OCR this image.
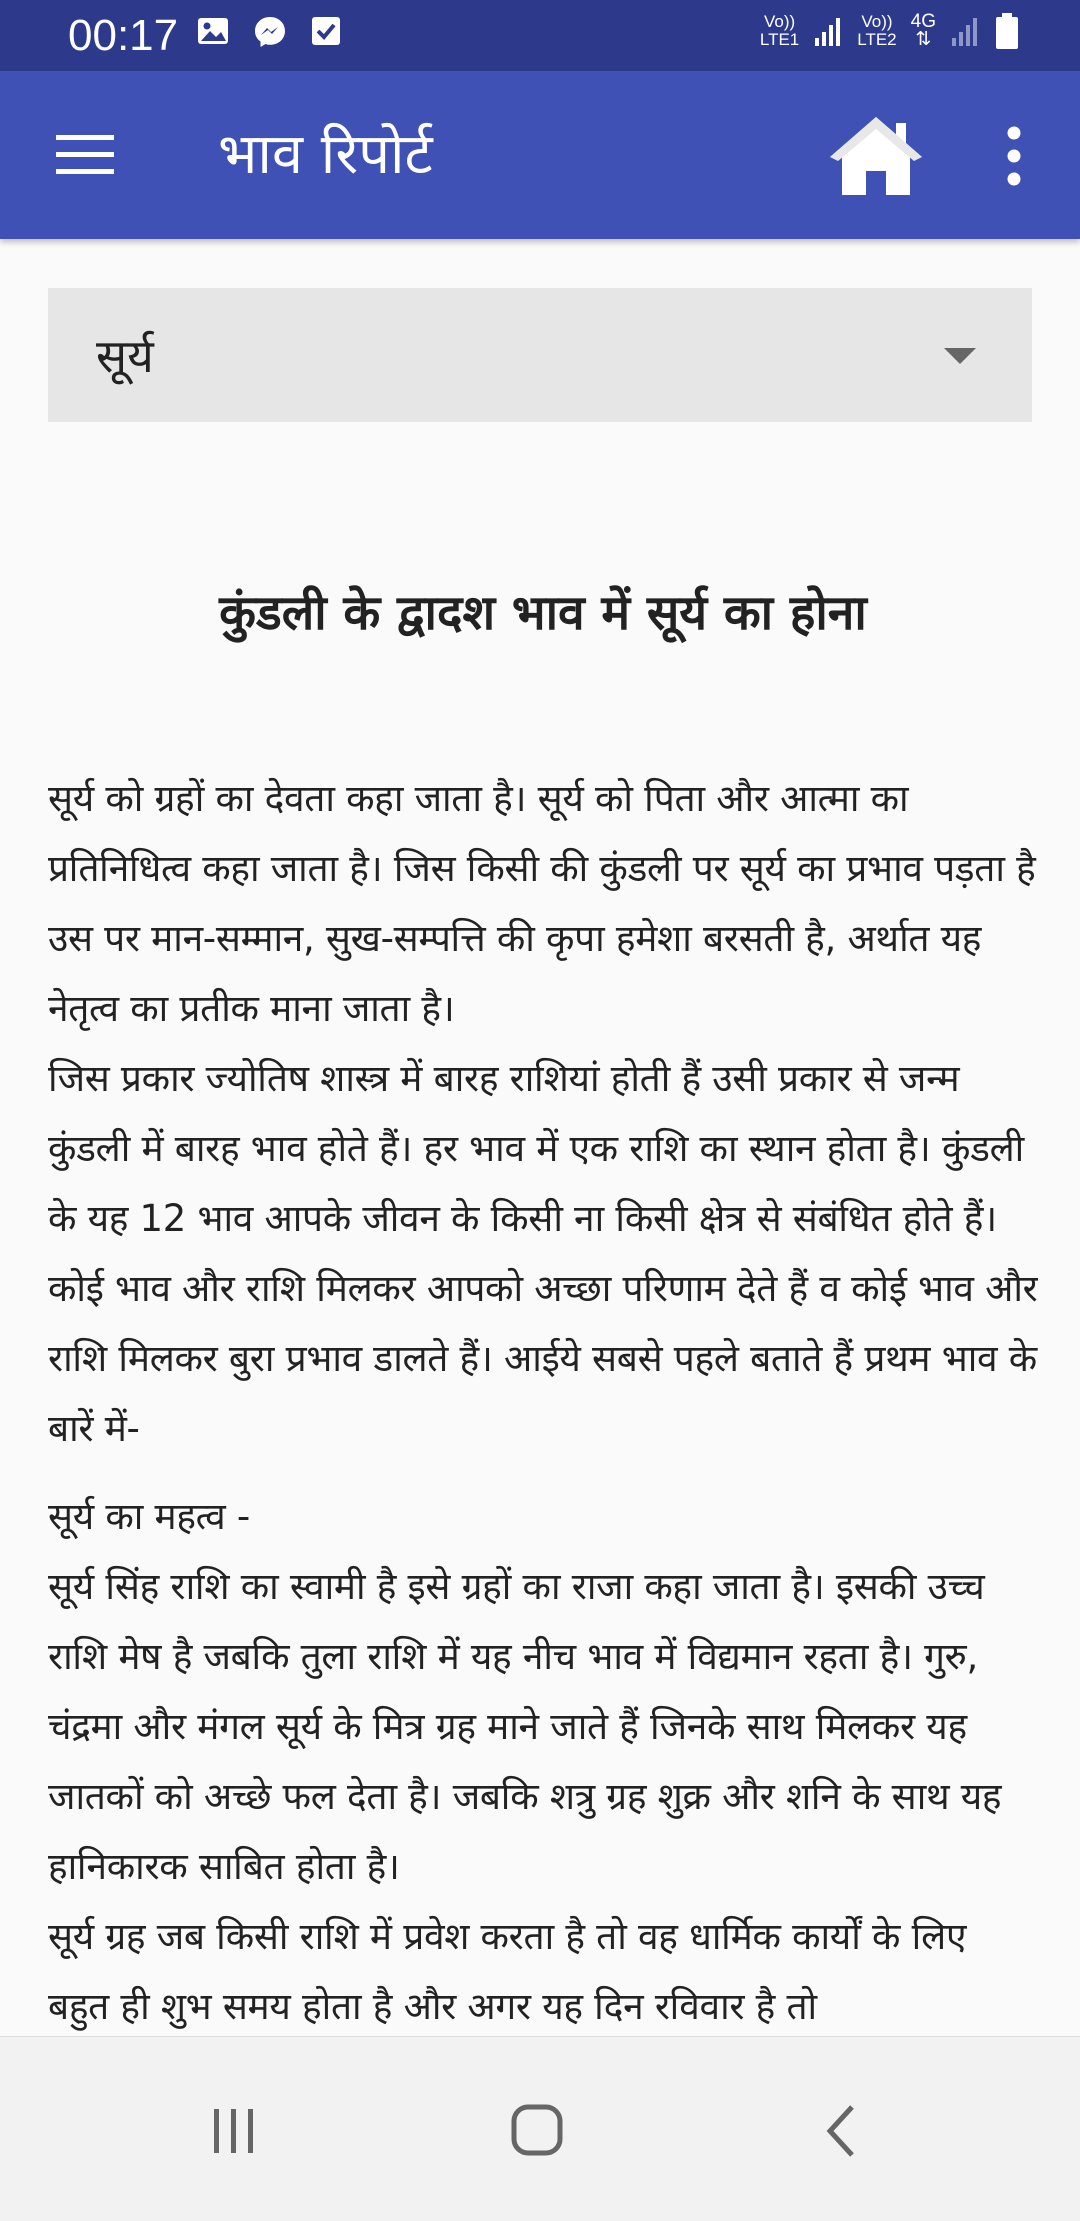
00:17	Vo))
LTE1
Vo))
LTE2
4G
⇅
भाव रिपोर्ट
सूर्य
कुंडली के द्वादश भाव में सूर्य का होना

सूर्य को ग्रहों का देवता कहा जाता है। सूर्य को पिता और आत्मा का प्रतिनिधित्व कहा जाता है। जिस किसी की कुंडली पर सूर्य का प्रभाव पड़ता है उस पर मान-सम्मान, सुख-सम्पत्ति की कृपा हमेशा बरसती है, अर्थात यह नेतृत्व का प्रतीक माना जाता है।

जिस प्रकार ज्योतिष शास्त्र में बारह राशियां होती हैं उसी प्रकार से जन्म कुंडली में बारह भाव होते हैं। हर भाव में एक राशि का स्थान होता है। कुंडली के यह 12 भाव आपके जीवन के किसी ना किसी क्षेत्र से संबंधित होते हैं। कोई भाव और राशि मिलकर आपको अच्छा परिणाम देते हैं व कोई भाव और राशि मिलकर बुरा प्रभाव डालते हैं। आईये सबसे पहले बताते हैं प्रथम भाव के बारें में-

सूर्य का महत्व -

सूर्य सिंह राशि का स्वामी है इसे ग्रहों का राजा कहा जाता है। इसकी उच्च राशि मेष है जबकि तुला राशि में यह नीच भाव में विद्यमान रहता है। गुरु, चंद्रमा और मंगल सूर्य के मित्र ग्रह माने जाते हैं जिनके साथ मिलकर यह जातकों को अच्छे फल देता है। जबकि शत्रु ग्रह शुक्र और शनि के साथ यह हानिकारक साबित होता है।

सूर्य ग्रह जब किसी राशि में प्रवेश करता है तो वह धार्मिक कार्यों के लिए बहुत ही शुभ समय होता है और अगर यह दिन रविवार है तो
